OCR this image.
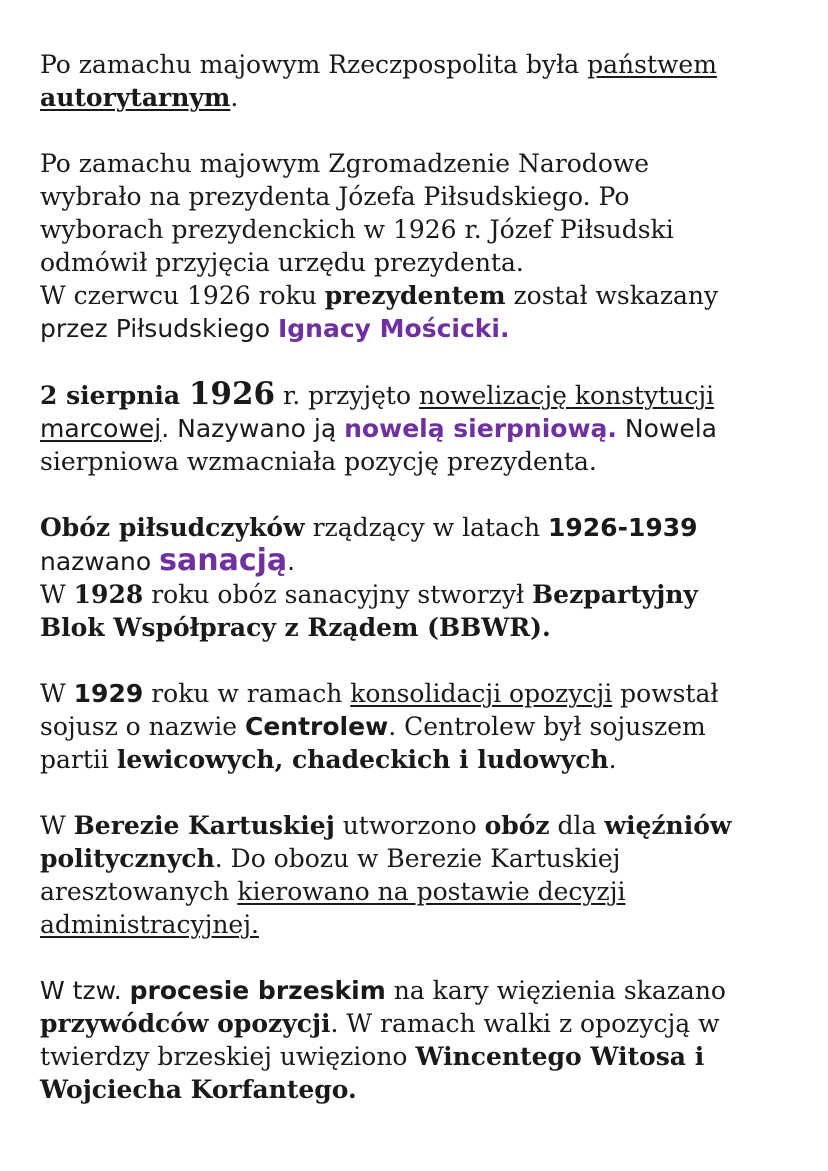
Po zamachu majowym Rzeczpospolita była państwem
autorytarnym.

Po zamachu majowym Zgromadzenie Narodowe
wybrało na prezydenta Józefa Piłsudskiego. Po
wyborach prezydenckich w 1926 r. Józef Piłsudski
odmówił przyjęcia urzędu prezydenta.
W czerwcu 1926 roku prezydentem został wskazany
przez Piłsudskiego Ignacy Mościcki.

2 sierpnia 1926 r. przyjęto nowelizację konstytucji
marcowej. Nazywano ją nowelą sierpniową. Nowela
sierpniowa wzmacniała pozycję prezydenta.

Obóz piłsudczyków rządzący w latach 1926-1939
nazwano sanacją.
W 1928 roku obóz sanacyjny stworzył Bezpartyjny
Blok Współpracy z Rządem (BBWR).

W 1929 roku w ramach konsolidacji opozycji powstał
sojusz o nazwie Centrolew. Centrolew był sojuszem
partii lewicowych, chadeckich i ludowych.

W Berezie Kartuskiej utworzono obóz dla więźniów
politycznych. Do obozu w Berezie Kartuskiej
aresztowanych kierowano na postawie decyzji
administracyjnej.

W tzw. procesie brzeskim na kary więzienia skazano
przywódców opozycji. W ramach walki z opozycją w
twierdzy brzeskiej uwięziono Wincentego Witosa i
Wojciecha Korfantego.
